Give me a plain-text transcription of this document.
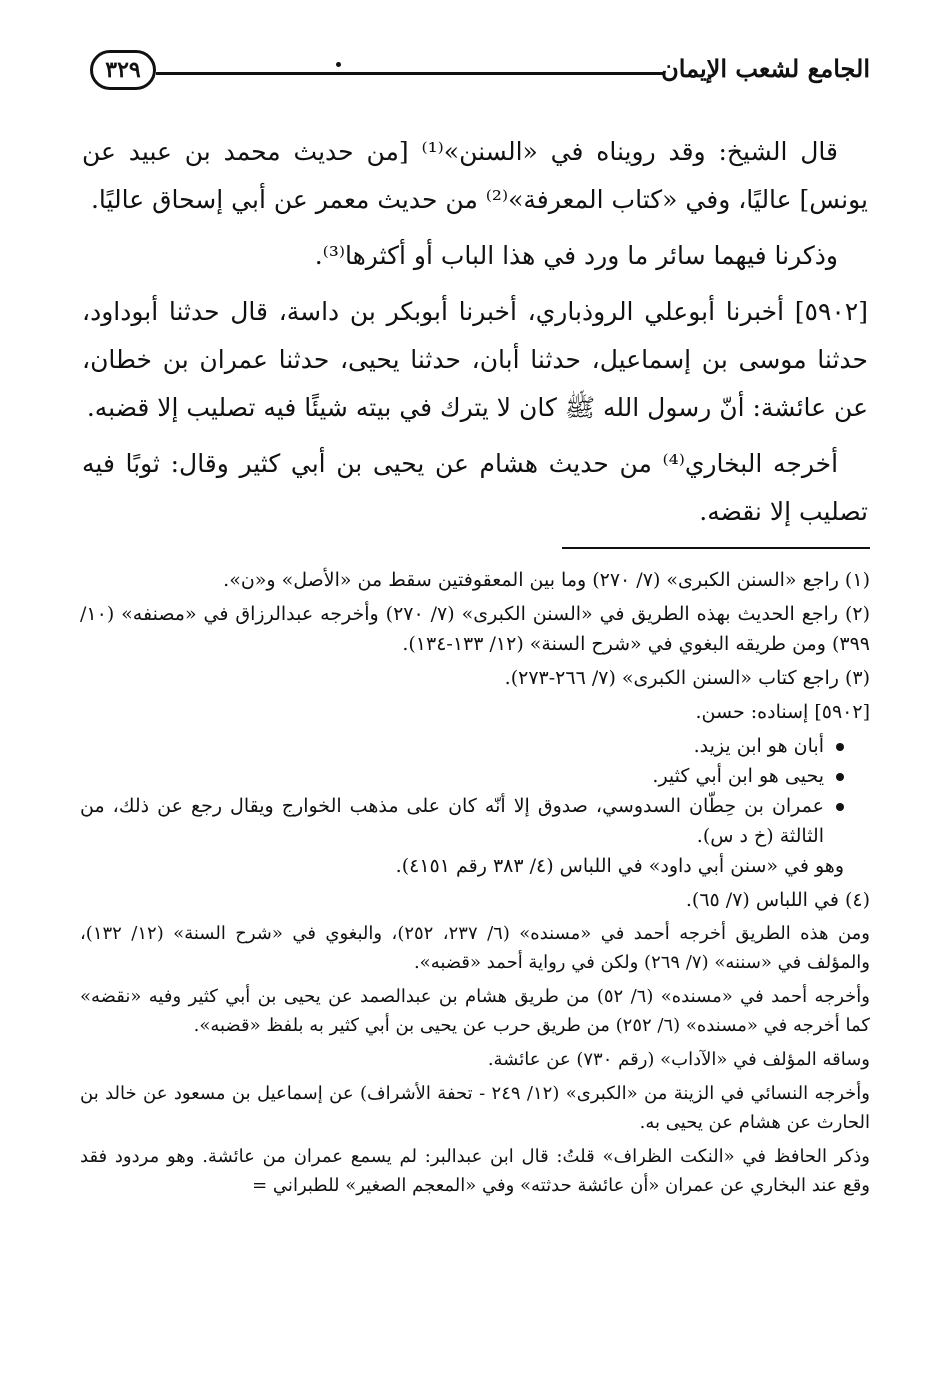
٣٢٩	الجامع لشعب الإيمان

قال الشيخ: وقد رويناه في «السنن»⁽¹⁾ [من حديث محمد بن عبيد عن يونس] عاليًا، وفي «كتاب المعرفة»⁽²⁾ من حديث معمر عن أبي إسحاق عاليًا.

وذكرنا فيهما سائر ما ورد في هذا الباب أو أكثرها⁽³⁾.

[٥٩٠٢] أخبرنا أبوعلي الروذباري، أخبرنا أبوبكر بن داسة، قال حدثنا أبوداود، حدثنا موسى بن إسماعيل، حدثنا أبان، حدثنا يحيى، حدثنا عمران بن خطان، عن عائشة: أنّ رسول الله ﷺ كان لا يترك في بيته شيئًا فيه تصليب إلا قضبه.

أخرجه البخاري⁽⁴⁾ من حديث هشام عن يحيى بن أبي كثير وقال: ثوبًا فيه تصليب إلا نقضه.

(١) راجع «السنن الكبرى» (٧/ ٢٧٠) وما بين المعقوفتين سقط من «الأصل» و«ن».

(٢) راجع الحديث بهذه الطريق في «السنن الكبرى» (٧/ ٢٧٠) وأخرجه عبدالرزاق في «مصنفه» (١٠/ ٣٩٩) ومن طريقه البغوي في «شرح السنة» (١٢/ ١٣٣-١٣٤).

(٣) راجع كتاب «السنن الكبرى» (٧/ ٢٦٦-٢٧٣).

[٥٩٠٢] إسناده: حسن.

أبان هو ابن يزيد.
يحيى هو ابن أبي كثير.
عمران بن حِطّان السدوسي، صدوق إلا أنّه كان على مذهب الخوارج ويقال رجع عن ذلك، من الثالثة (خ د س).

وهو في «سنن أبي داود» في اللباس (٤/ ٣٨٣ رقم ٤١٥١).

(٤) في اللباس (٧/ ٦٥).

ومن هذه الطريق أخرجه أحمد في «مسنده» (٦/ ٢٣٧، ٢٥٢)، والبغوي في «شرح السنة» (١٢/ ١٣٢)، والمؤلف في «سننه» (٧/ ٢٦٩) ولكن في رواية أحمد «قضبه».

وأخرجه أحمد في «مسنده» (٦/ ٥٢) من طريق هشام بن عبدالصمد عن يحيى بن أبي كثير وفيه «نقضه» كما أخرجه في «مسنده» (٦/ ٢٥٢) من طريق حرب عن يحيى بن أبي كثير به بلفظ «قضبه».

وساقه المؤلف في «الآداب» (رقم ٧٣٠) عن عائشة.

وأخرجه النسائي في الزينة من «الكبرى» (١٢/ ٢٤٩ - تحفة الأشراف) عن إسماعيل بن مسعود عن خالد بن الحارث عن هشام عن يحيى به.

وذكر الحافظ في «النكت الظراف» قلتُ: قال ابن عبدالبر: لم يسمع عمران من عائشة. وهو مردود فقد وقع عند البخاري عن عمران «أن عائشة حدثته» وفي «المعجم الصغير» للطبراني =
